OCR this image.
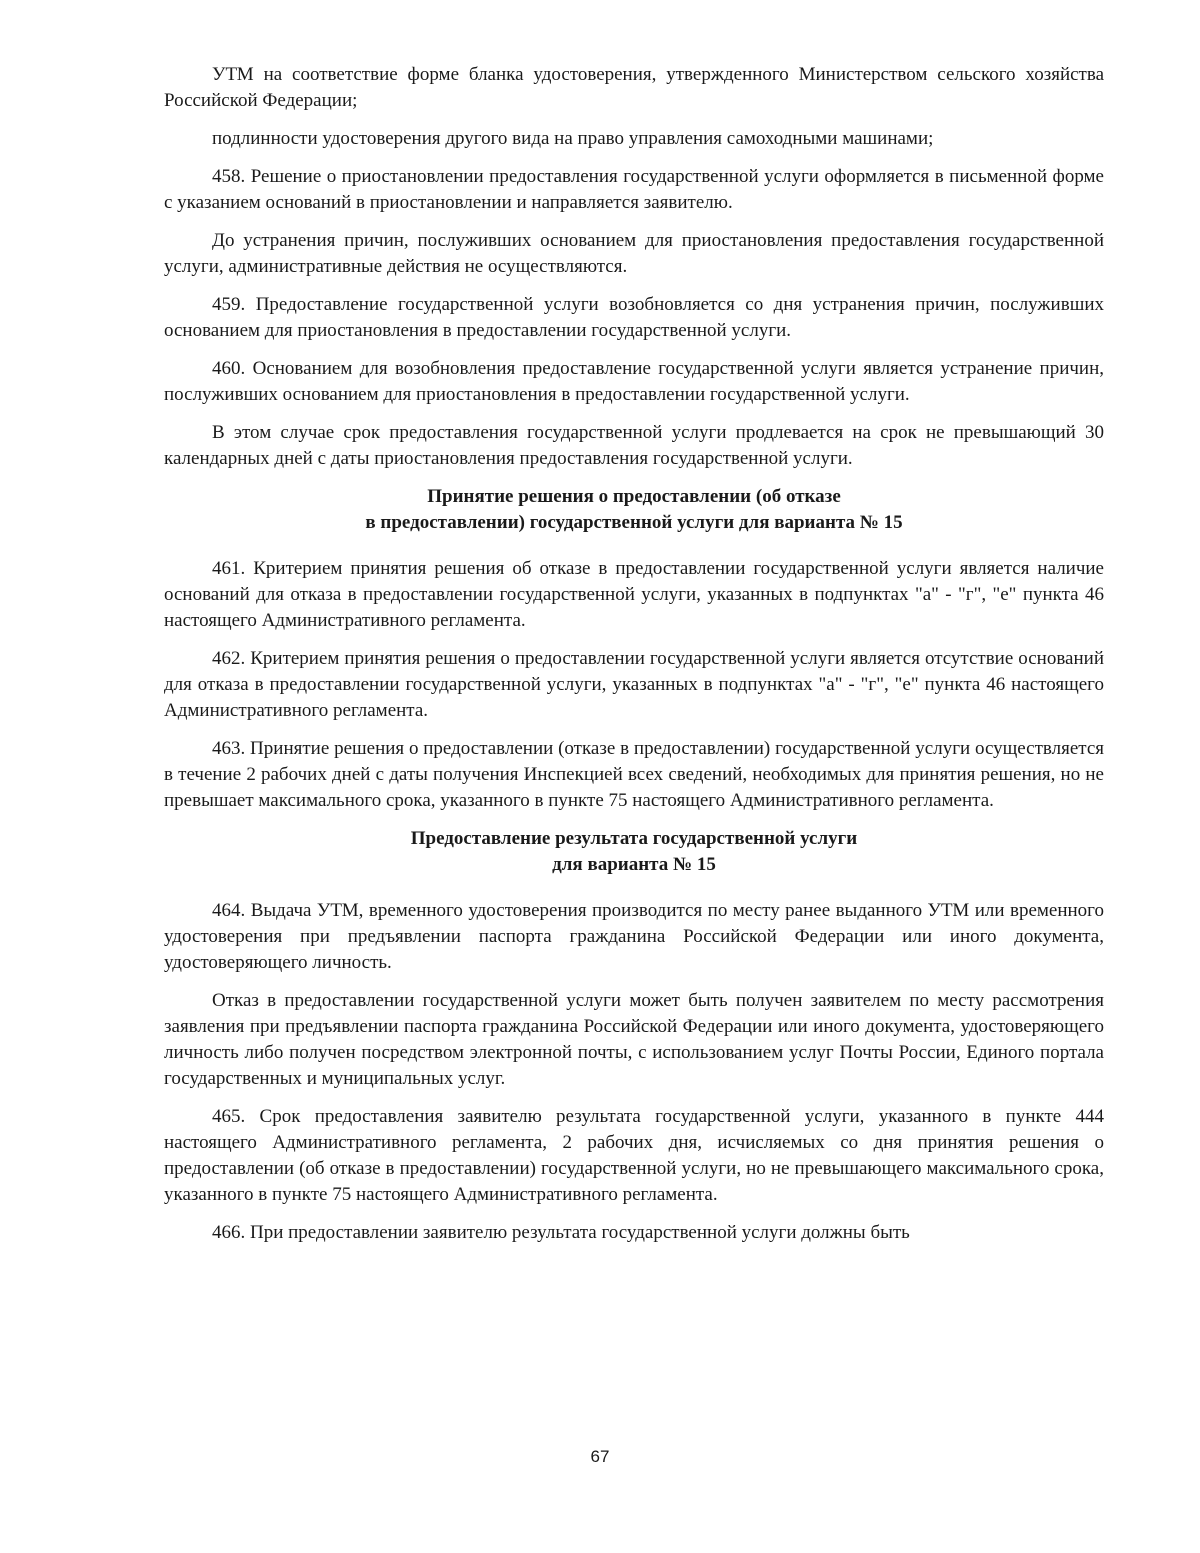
УТМ на соответствие форме бланка удостоверения, утвержденного Министерством сельского хозяйства Российской Федерации;

подлинности удостоверения другого вида на право управления самоходными машинами;

458. Решение о приостановлении предоставления государственной услуги оформляется в письменной форме с указанием оснований в приостановлении и направляется заявителю.

До устранения причин, послуживших основанием для приостановления предоставления государственной услуги, административные действия не осуществляются.

459. Предоставление государственной услуги возобновляется со дня устранения причин, послуживших основанием для приостановления в предоставлении государственной услуги.

460. Основанием для возобновления предоставление государственной услуги является устранение причин, послуживших основанием для приостановления в предоставлении государственной услуги.

В этом случае срок предоставления государственной услуги продлевается на срок не превышающий 30 календарных дней с даты приостановления предоставления государственной услуги.

Принятие решения о предоставлении (об отказе
в предоставлении) государственной услуги для варианта № 15

461. Критерием принятия решения об отказе в предоставлении государственной услуги является наличие оснований для отказа в предоставлении государственной услуги, указанных в подпунктах "а" - "г", "е" пункта 46 настоящего Административного регламента.

462. Критерием принятия решения о предоставлении государственной услуги является отсутствие оснований для отказа в предоставлении государственной услуги, указанных в подпунктах "а" - "г", "е" пункта 46 настоящего Административного регламента.

463. Принятие решения о предоставлении (отказе в предоставлении) государственной услуги осуществляется в течение 2 рабочих дней с даты получения Инспекцией всех сведений, необходимых для принятия решения, но не превышает максимального срока, указанного в пункте 75 настоящего Административного регламента.

Предоставление результата государственной услуги
для варианта № 15

464. Выдача УТМ, временного удостоверения производится по месту ранее выданного УТМ или временного удостоверения при предъявлении паспорта гражданина Российской Федерации или иного документа, удостоверяющего личность.

Отказ в предоставлении государственной услуги может быть получен заявителем по месту рассмотрения заявления при предъявлении паспорта гражданина Российской Федерации или иного документа, удостоверяющего личность либо получен посредством электронной почты, с использованием услуг Почты России, Единого портала государственных и муниципальных услуг.

465. Срок предоставления заявителю результата государственной услуги, указанного в пункте 444 настоящего Административного регламента, 2 рабочих дня, исчисляемых со дня принятия решения о предоставлении (об отказе в предоставлении) государственной услуги, но не превышающего максимального срока, указанного в пункте 75 настоящего Административного регламента.

466. При предоставлении заявителю результата государственной услуги должны быть

67
